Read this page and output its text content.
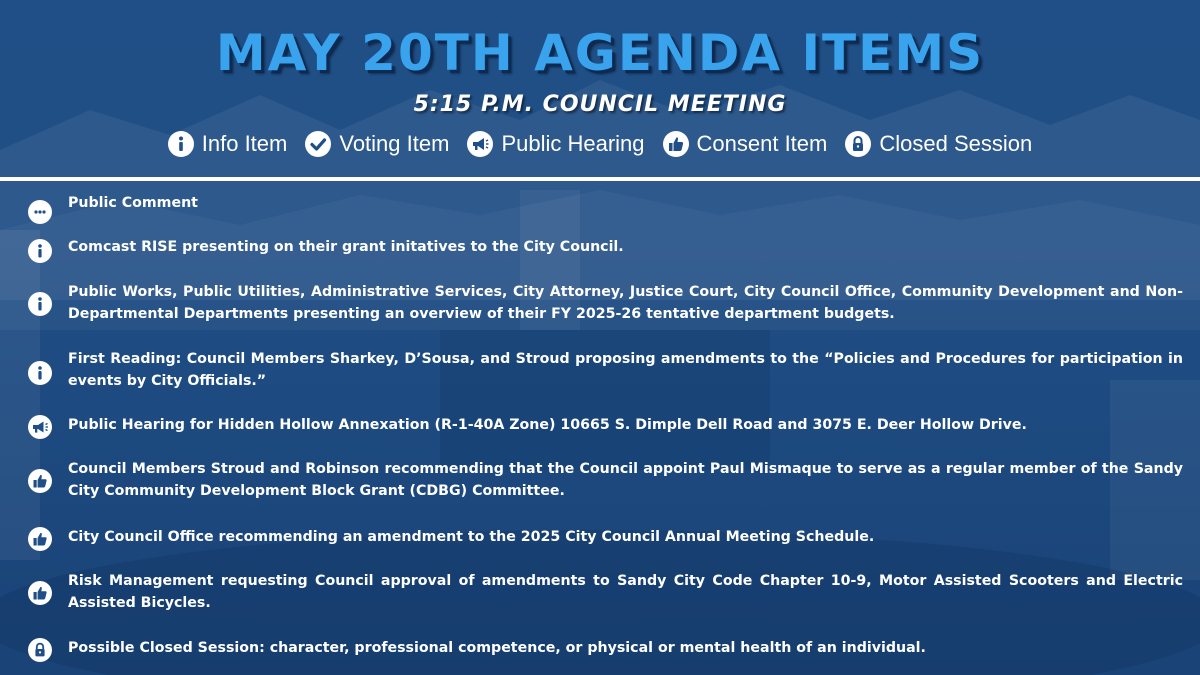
MAY 20TH AGENDA ITEMS
5:15 P.M. COUNCIL MEETING
Info Item Voting Item Public Hearing Consent Item Closed Session
Public Comment
Comcast RISE presenting on their grant initatives to the City Council.
Public Works, Public Utilities, Administrative Services, City Attorney, Justice Court, City Council Office, Community Development and Non-Departmental Departments presenting an overview of their FY 2025-26 tentative department budgets.
First Reading: Council Members Sharkey, D’Sousa, and Stroud proposing amendments to the “Policies and Procedures for participation in events by City Officials.”
Public Hearing for Hidden Hollow Annexation (R-1-40A Zone) 10665 S. Dimple Dell Road and 3075 E. Deer Hollow Drive.
Council Members Stroud and Robinson recommending that the Council appoint Paul Mismaque to serve as a regular member of the Sandy City Community Development Block Grant (CDBG) Committee.
City Council Office recommending an amendment to the 2025 City Council Annual Meeting Schedule.
Risk Management requesting Council approval of amendments to Sandy City Code Chapter 10-9, Motor Assisted Scooters and Electric Assisted Bicycles.
Possible Closed Session: character, professional competence, or physical or mental health of an individual.
